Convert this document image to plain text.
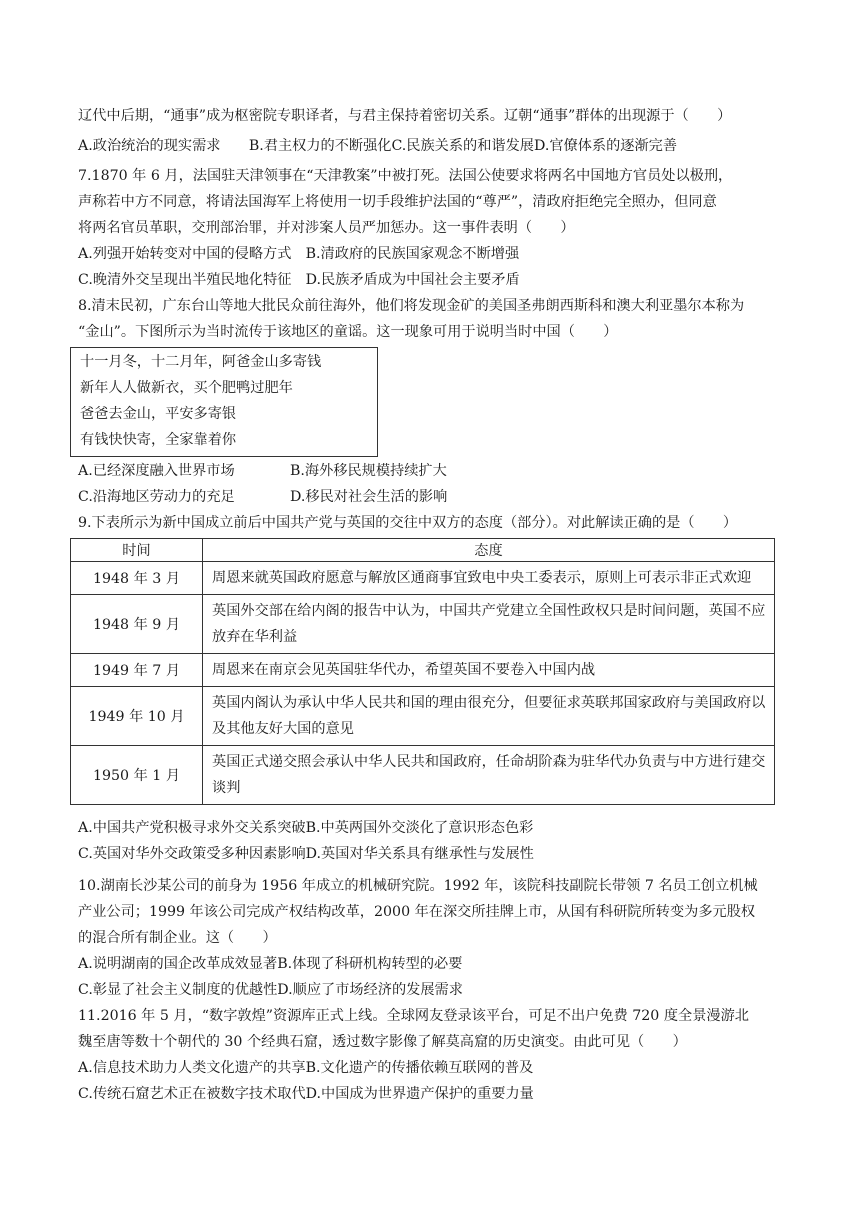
辽代中后期，“通事”成为枢密院专职译者，与君主保持着密切关系。辽朝“通事”群体的出现源于（　　）
A.政治统治的现实需求　　B.君主权力的不断强化C.民族关系的和谐发展D.官僚体系的逐渐完善
7.1870 年 6 月，法国驻天津领事在“天津教案”中被打死。法国公使要求将两名中国地方官员处以极刑，
声称若中方不同意，将请法国海军上将使用一切手段维护法国的“尊严”，清政府拒绝完全照办，但同意
将两名官员革职，交刑部治罪，并对涉案人员严加惩办。这一事件表明（　　）
A.列强开始转变对中国的侵略方式　B.清政府的民族国家观念不断增强
C.晚清外交呈现出半殖民地化特征　D.民族矛盾成为中国社会主要矛盾
8.清末民初，广东台山等地大批民众前往海外，他们将发现金矿的美国圣弗朗西斯科和澳大利亚墨尔本称为
“金山”。下图所示为当时流传于该地区的童谣。这一现象可用于说明当时中国（　　）
十一月冬，十二月年，阿爸金山多寄钱
新年人人做新衣，买个肥鸭过肥年
爸爸去金山，平安多寄银
有钱快快寄，全家靠着你
A.已经深度融入世界市场	B.海外移民规模持续扩大
C.沿海地区劳动力的充足	D.移民对社会生活的影响
9.下表所示为新中国成立前后中国共产党与英国的交往中双方的态度（部分）。对此解读正确的是（　　）
时间	态度
1948 年 3 月	周恩来就英国政府愿意与解放区通商事宜致电中央工委表示，原则上可表示非正式欢迎
1948 年 9 月	英国外交部在给内阁的报告中认为，中国共产党建立全国性政权只是时间问题，英国不应放弃在华利益
1949 年 7 月	周恩来在南京会见英国驻华代办，希望英国不要卷入中国内战
1949 年 10 月	英国内阁认为承认中华人民共和国的理由很充分，但要征求英联邦国家政府与美国政府以及其他友好大国的意见
1950 年 1 月	英国正式递交照会承认中华人民共和国政府，任命胡阶森为驻华代办负责与中方进行建交谈判
A.中国共产党积极寻求外交关系突破B.中英两国外交淡化了意识形态色彩
C.英国对华外交政策受多种因素影响D.英国对华关系具有继承性与发展性
10.湖南长沙某公司的前身为 1956 年成立的机械研究院。1992 年，该院科技副院长带领 7 名员工创立机械
产业公司；1999 年该公司完成产权结构改革，2000 年在深交所挂牌上市，从国有科研院所转变为多元股权
的混合所有制企业。这（　　）
A.说明湖南的国企改革成效显著B.体现了科研机构转型的必要
C.彰显了社会主义制度的优越性D.顺应了市场经济的发展需求
11.2016 年 5 月，“数字敦煌”资源库正式上线。全球网友登录该平台，可足不出户免费 720 度全景漫游北
魏至唐等数十个朝代的 30 个经典石窟，透过数字影像了解莫高窟的历史演变。由此可见（　　）
A.信息技术助力人类文化遗产的共享B.文化遗产的传播依赖互联网的普及
C.传统石窟艺术正在被数字技术取代D.中国成为世界遗产保护的重要力量
